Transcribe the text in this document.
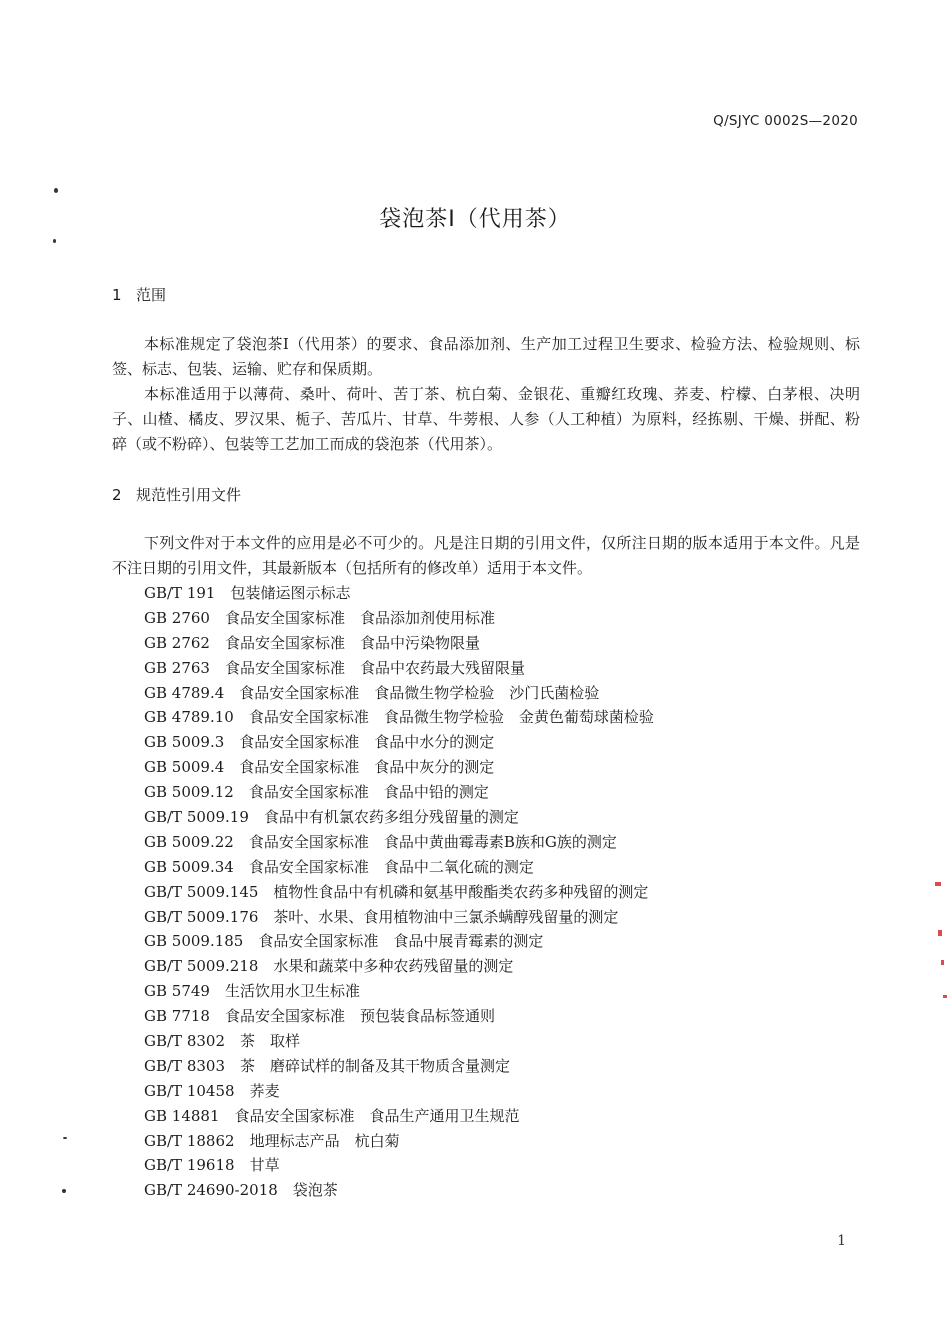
Q/SJYC 0002S—2020
袋泡茶Ⅰ（代用茶）
1 范围

本标准规定了袋泡茶Ⅰ（代用茶）的要求、食品添加剂、生产加工过程卫生要求、检验方法、检验规则、标签、标志、包装、运输、贮存和保质期。

本标准适用于以薄荷、桑叶、荷叶、苦丁茶、杭白菊、金银花、重瓣红玫瑰、荞麦、柠檬、白茅根、决明子、山楂、橘皮、罗汉果、栀子、苦瓜片、甘草、牛蒡根、人参（人工种植）为原料，经拣剔、干燥、拼配、粉碎（或不粉碎）、包装等工艺加工而成的袋泡茶（代用茶）。

2 规范性引用文件

下列文件对于本文件的应用是必不可少的。凡是注日期的引用文件，仅所注日期的版本适用于本文件。凡是不注日期的引用文件，其最新版本（包括所有的修改单）适用于本文件。

GB/T 191  包装储运图示标志
GB 2760  食品安全国家标准　食品添加剂使用标准
GB 2762  食品安全国家标准　食品中污染物限量
GB 2763  食品安全国家标准　食品中农药最大残留限量
GB 4789.4  食品安全国家标准　食品微生物学检验　沙门氏菌检验
GB 4789.10  食品安全国家标准　食品微生物学检验　金黄色葡萄球菌检验
GB 5009.3  食品安全国家标准　食品中水分的测定
GB 5009.4  食品安全国家标准　食品中灰分的测定
GB 5009.12  食品安全国家标准　食品中铅的测定
GB/T 5009.19  食品中有机氯农药多组分残留量的测定
GB 5009.22  食品安全国家标准　食品中黄曲霉毒素B族和G族的测定
GB 5009.34  食品安全国家标准　食品中二氧化硫的测定
GB/T 5009.145  植物性食品中有机磷和氨基甲酸酯类农药多种残留的测定
GB/T 5009.176  茶叶、水果、食用植物油中三氯杀螨醇残留量的测定
GB 5009.185  食品安全国家标准　食品中展青霉素的测定
GB/T 5009.218  水果和蔬菜中多种农药残留量的测定
GB 5749  生活饮用水卫生标准
GB 7718  食品安全国家标准　预包装食品标签通则
GB/T 8302  茶　取样
GB/T 8303  茶　磨碎试样的制备及其干物质含量测定
GB/T 10458  荞麦
GB 14881  食品安全国家标准　食品生产通用卫生规范
GB/T 18862  地理标志产品　杭白菊
GB/T 19618  甘草
GB/T 24690-2018  袋泡茶
1
